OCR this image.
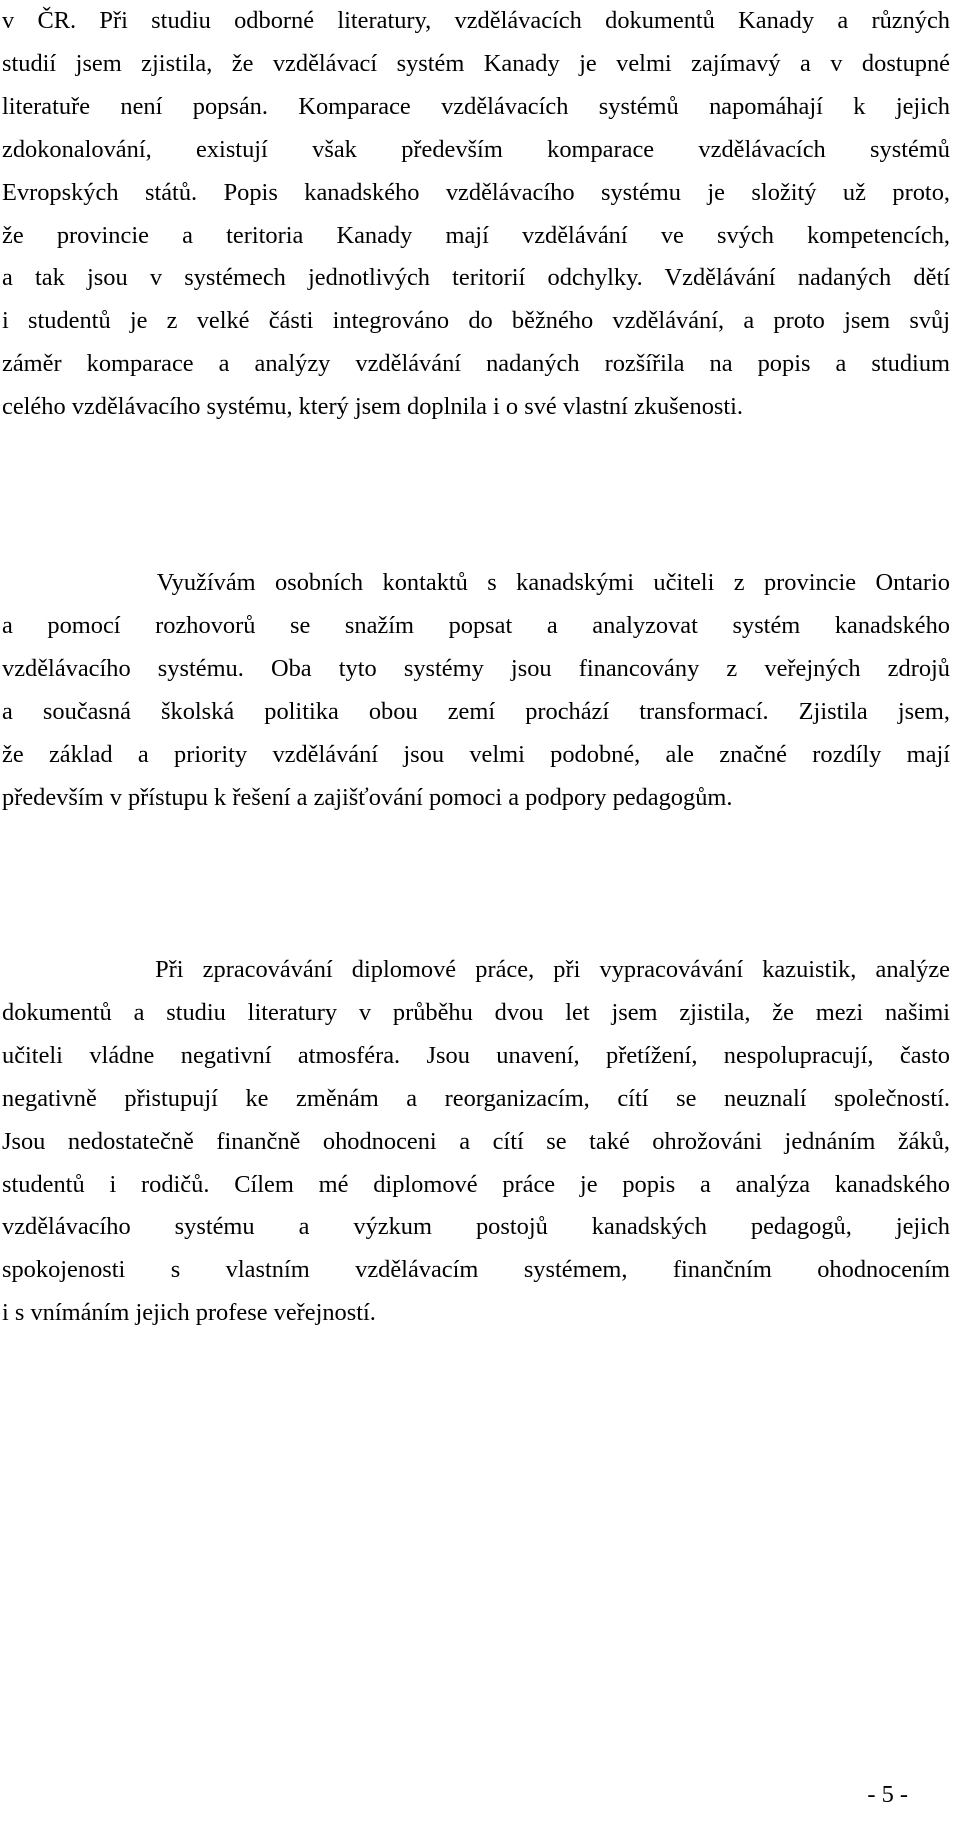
v ČR. Při studiu odborné literatury, vzdělávacích dokumentů Kanady a různých
studií jsem zjistila, že vzdělávací systém Kanady je velmi zajímavý a v dostupné
literatuře není popsán. Komparace vzdělávacích systémů napomáhají k jejich
zdokonalování, existují však především komparace vzdělávacích systémů
Evropských států. Popis kanadského vzdělávacího systému je složitý už proto,
že provincie a teritoria Kanady mají vzdělávání ve svých kompetencích,
a tak jsou v systémech jednotlivých teritorií odchylky. Vzdělávání nadaných dětí
i studentů je z velké části integrováno do běžného vzdělávání, a proto jsem svůj
záměr komparace a analýzy vzdělávání nadaných rozšířila na popis a studium
celého vzdělávacího systému, který jsem doplnila i o své vlastní zkušenosti.
Využívám osobních kontaktů s kanadskými učiteli z provincie Ontario
a pomocí rozhovorů se snažím popsat a analyzovat systém kanadského
vzdělávacího systému. Oba tyto systémy jsou financovány z veřejných zdrojů
a současná školská politika obou zemí prochází transformací. Zjistila jsem,
že základ a priority vzdělávání jsou velmi podobné, ale značné rozdíly mají
především v přístupu k řešení a zajišťování pomoci a podpory pedagogům.
Při zpracovávání diplomové práce, při vypracovávání kazuistik, analýze
dokumentů a studiu literatury v průběhu dvou let jsem zjistila, že mezi našimi
učiteli vládne negativní atmosféra. Jsou unavení, přetížení, nespolupracují, často
negativně přistupují ke změnám a reorganizacím, cítí se neuznalí společností.
Jsou nedostatečně finančně ohodnoceni a cítí se také ohrožováni jednáním žáků,
studentů i rodičů. Cílem mé diplomové práce je popis a analýza kanadského
vzdělávacího systému a výzkum postojů kanadských pedagogů, jejich
spokojenosti s vlastním vzdělávacím systémem, finančním ohodnocením
i s vnímáním jejich profese veřejností.
- 5 -
